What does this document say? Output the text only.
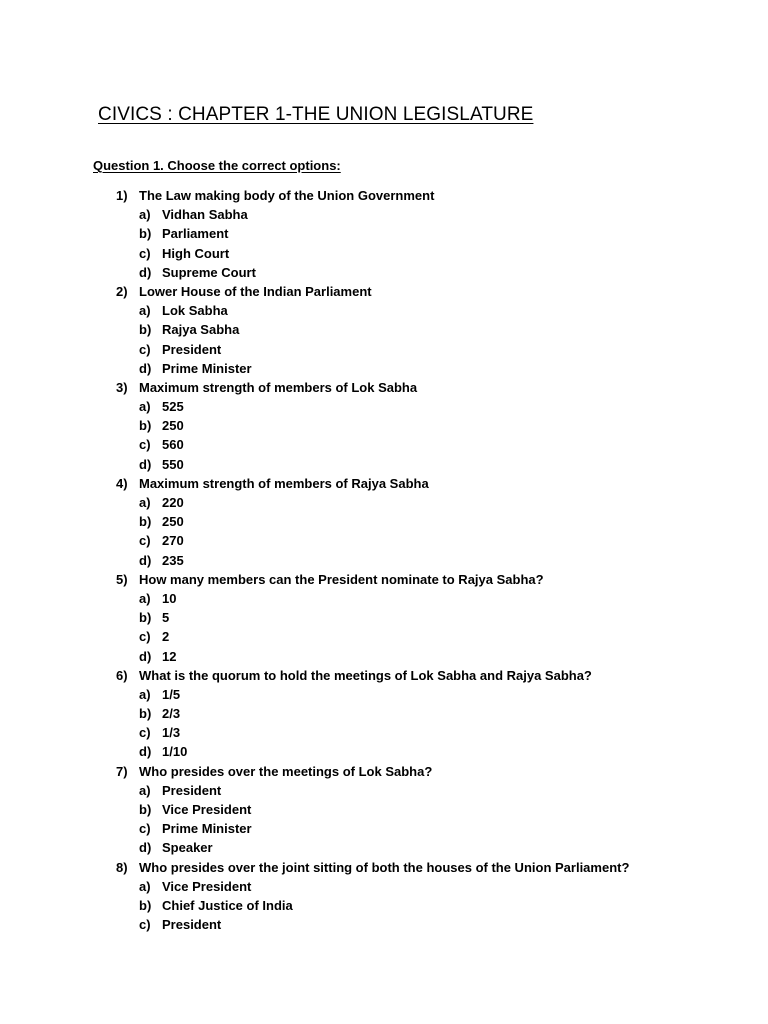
CIVICS : CHAPTER 1-THE UNION LEGISLATURE
Question 1. Choose the correct options:
1) The Law making body of the Union Government
a) Vidhan Sabha
b) Parliament
c) High Court
d) Supreme Court
2) Lower House of the Indian Parliament
a) Lok Sabha
b) Rajya Sabha
c) President
d) Prime Minister
3) Maximum strength of members of Lok Sabha
a) 525
b) 250
c) 560
d) 550
4) Maximum strength of members of Rajya Sabha
a) 220
b) 250
c) 270
d) 235
5) How many members can the President nominate to Rajya Sabha?
a) 10
b) 5
c) 2
d) 12
6) What is the quorum to hold the meetings of Lok Sabha and Rajya Sabha?
a) 1/5
b) 2/3
c) 1/3
d) 1/10
7) Who presides over the meetings of Lok Sabha?
a) President
b) Vice President
c) Prime Minister
d) Speaker
8) Who presides over the joint sitting of both the houses of the Union Parliament?
a) Vice President
b) Chief Justice of India
c) President
